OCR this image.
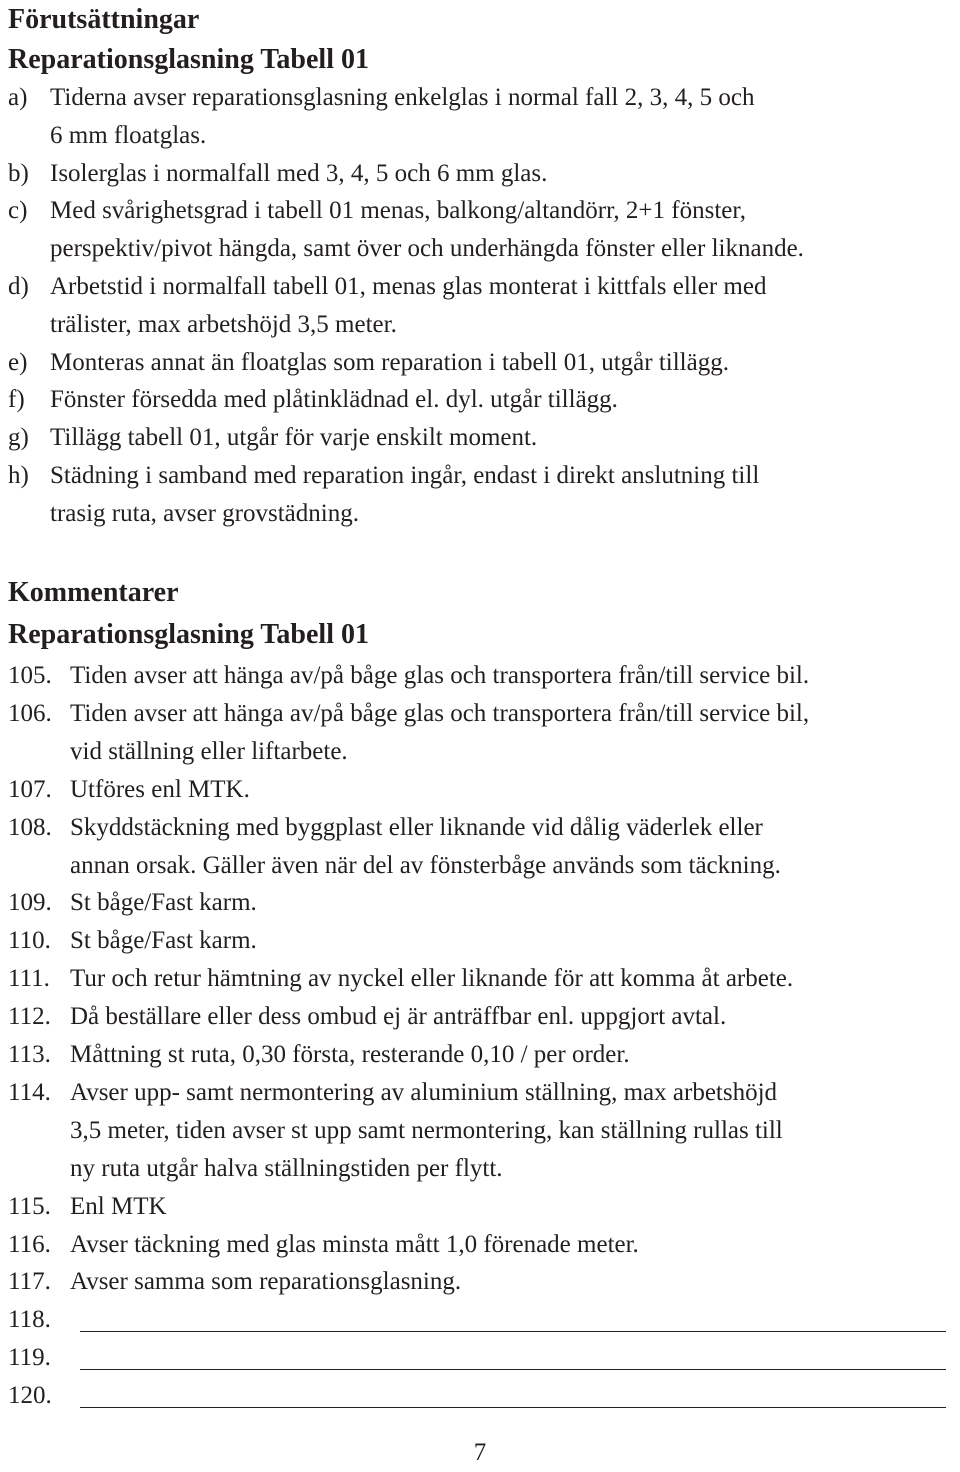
Förutsättningar
Reparationsglasning Tabell 01
a) Tiderna avser reparationsglasning enkelglas i normal fall 2, 3, 4, 5 och
6 mm floatglas.
b) Isolerglas i normalfall med 3, 4, 5 och 6 mm glas.
c) Med svårighetsgrad i tabell 01 menas, balkong/altandörr, 2+1 fönster,
perspektiv/pivot hängda, samt över och underhängda fönster eller liknande.
d) Arbetstid i normalfall tabell 01, menas glas monterat i kittfals eller med
trälister, max arbetshöjd 3,5 meter.
e) Monteras annat än floatglas som reparation i tabell 01, utgår tillägg.
f) Fönster försedda med plåtinklädnad el. dyl. utgår tillägg.
g) Tillägg tabell 01, utgår för varje enskilt moment.
h) Städning i samband med reparation ingår, endast i direkt anslutning till
trasig ruta, avser grovstädning.
Kommentarer
Reparationsglasning Tabell 01
105. Tiden avser att hänga av/på båge glas och transportera från/till service bil.
106. Tiden avser att hänga av/på båge glas och transportera från/till service bil,
vid ställning eller liftarbete.
107. Utföres enl MTK.
108. Skyddstäckning med byggplast eller liknande vid dålig väderlek eller
annan orsak. Gäller även när del av fönsterbåge används som täckning.
109. St båge/Fast karm.
110. St båge/Fast karm.
111. Tur och retur hämtning av nyckel eller liknande för att komma åt arbete.
112. Då beställare eller dess ombud ej är anträffbar enl. uppgjort avtal.
113. Måttning st ruta, 0,30 första, resterande 0,10 / per order.
114. Avser upp- samt nermontering av aluminium ställning, max arbetshöjd
3,5 meter, tiden avser st upp samt nermontering, kan ställning rullas till
ny ruta utgår halva ställningstiden per flytt.
115. Enl MTK
116. Avser täckning med glas minsta mått 1,0 förenade meter.
117. Avser samma som reparationsglasning.
118.
119.
120.
7
